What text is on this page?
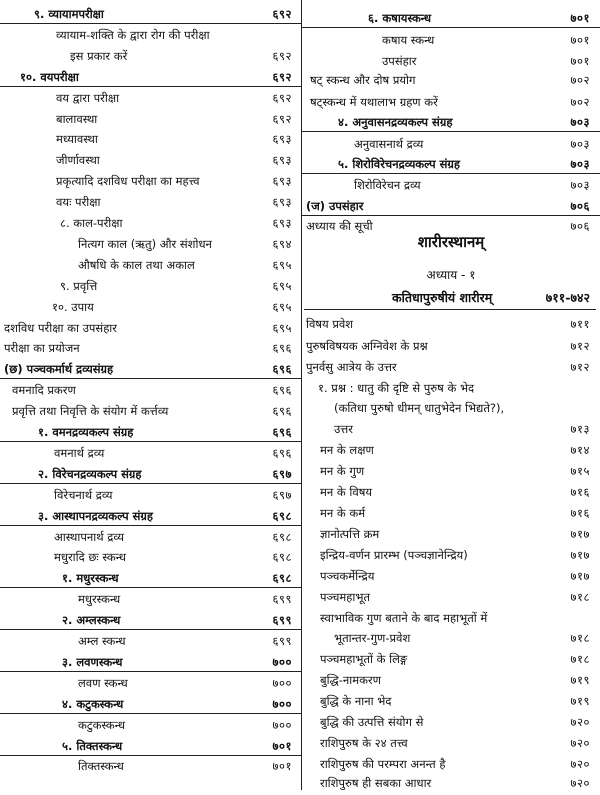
९. व्यायामपरीक्षा	६९२
व्यायाम-शक्ति के द्वारा रोग की परीक्षा
इस प्रकार करें	६९२
१०. वयपरीक्षा	६९२
वय द्वारा परीक्षा	६९२
बालावस्था	६९२
मध्यावस्था	६९३
जीर्णावस्था	६९३
प्रकृत्यादि दशविध परीक्षा का महत्त्व	६९३
वयः परीक्षा	६९३
८. काल-परीक्षा	६९३
नित्यग काल (ऋतु) और संशोधन	६९४
औषधि के काल तथा अकाल	६९५
९. प्रवृत्ति	६९५
१०. उपाय	६९५
दशविध परीक्षा का उपसंहार	६९५
परीक्षा का प्रयोजन	६९६
(छ) पञ्चकर्मार्थ द्रव्यसंग्रह	६९६
वमनादि प्रकरण	६९६
प्रवृत्ति तथा निवृत्ति के संयोग में कर्त्तव्य	६९६
१. वमनद्रव्यकल्प संग्रह	६९६
वमनार्थ द्रव्य	६९६
२. विरेचनद्रव्यकल्प संग्रह	६९७
विरेचनार्थ द्रव्य	६९७
३. आस्थापनद्रव्यकल्प संग्रह	६९८
आस्थापनार्थ द्रव्य	६९८
मधुरादि छः स्कन्ध	६९८
१. मधुरस्कन्ध	६९८
मधुरस्कन्ध	६९९
२. अम्लस्कन्ध	६९९
अम्ल स्कन्ध	६९९
३. लवणस्कन्ध	७००
लवण स्कन्ध	७००
४. कटुकस्कन्ध	७००
कटुकस्कन्ध	७००
५. तिक्तस्कन्ध	७०१
तिक्तस्कन्ध	७०१
६. कषायस्कन्ध	७०१
कषाय स्कन्ध	७०१
उपसंहार	७०१
षट् स्कन्ध और दोष प्रयोग	७०२
षट्स्कन्ध में यथालाभ ग्रहण करें	७०२
४. अनुवासनद्रव्यकल्प संग्रह	७०३
अनुवासनार्थ द्रव्य	७०३
५. शिरोविरेचनद्रव्यकल्प संग्रह	७०३
शिरोविरेचन द्रव्य	७०३
(ज) उपसंहार	७०६
अध्याय की सूची	७०६
शारीरस्थानम्
अध्याय - १
कतिधापुरुषीयं शारीरम्	७११-७४२
विषय प्रवेश	७११
पुरुषविषयक अग्निवेश के प्रश्न	७१२
पुनर्वसु आत्रेय के उत्तर	७१२
१. प्रश्न : धातु की दृष्टि से पुरुष के भेद
(कतिधा पुरुषो धीमन् धातुभेदेन भिद्यते?),
उत्तर	७१३
मन के लक्षण	७१४
मन के गुण	७१५
मन के विषय	७१६
मन के कर्म	७१६
ज्ञानोत्पत्ति क्रम	७१७
इन्द्रिय-वर्णन प्रारम्भ (पञ्चज्ञानेन्द्रिय)	७१७
पञ्चकर्मेन्द्रिय	७१७
पञ्चमहाभूत	७१८
स्वाभाविक गुण बताने के बाद महाभूतों में
भूतान्तर-गुण-प्रवेश	७१८
पञ्चमहाभूतों के लिङ्ग	७१८
बुद्धि-नामकरण	७१९
बुद्धि के नाना भेद	७१९
बुद्धि की उत्पत्ति संयोग से	७२०
राशिपुरुष के २४ तत्त्व	७२०
राशिपुरुष की परम्परा अनन्त है	७२०
राशिपुरुष ही सबका आधार	७२०
